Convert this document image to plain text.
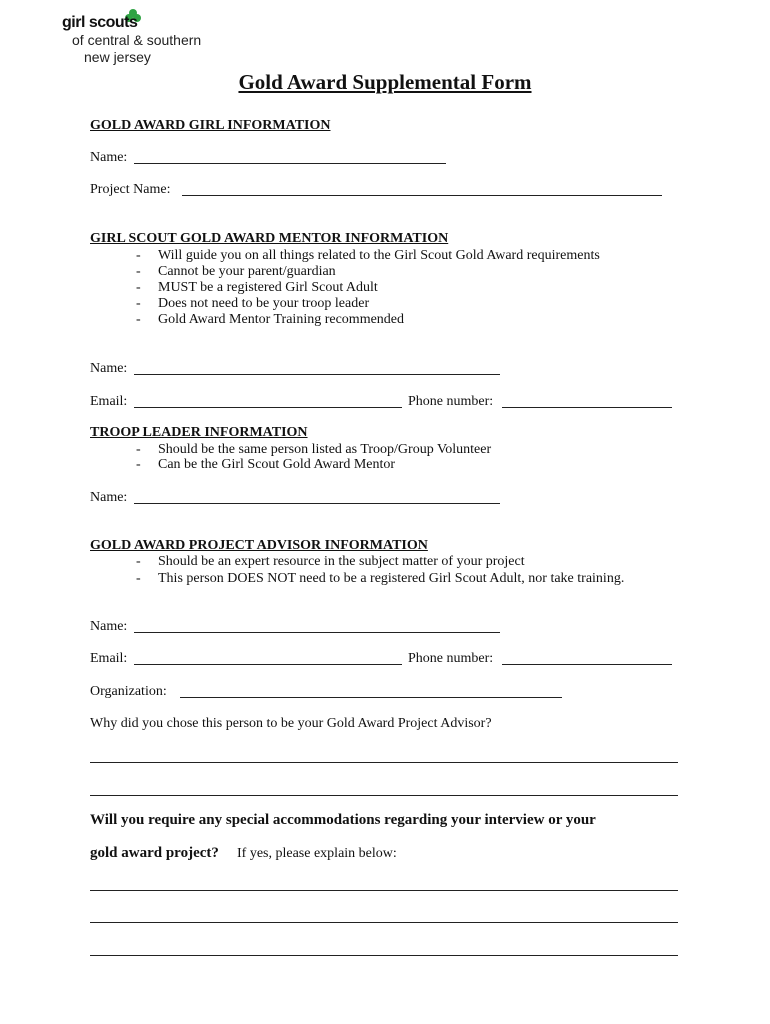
girl scouts
of central & southern
new jersey
Gold Award Supplemental Form
GOLD AWARD GIRL INFORMATION
Name:
Project Name:
GIRL SCOUT GOLD AWARD MENTOR INFORMATION
- Will guide you on all things related to the Girl Scout Gold Award requirements
- Cannot be your parent/guardian
- MUST be a registered Girl Scout Adult
- Does not need to be your troop leader
- Gold Award Mentor Training recommended
Name:
Email:	Phone number:
TROOP LEADER INFORMATION
- Should be the same person listed as Troop/Group Volunteer
- Can be the Girl Scout Gold Award Mentor
Name:
GOLD AWARD PROJECT ADVISOR INFORMATION
- Should be an expert resource in the subject matter of your project
- This person DOES NOT need to be a registered Girl Scout Adult, nor take training.
Name:
Email:	Phone number:
Organization:
Why did you chose this person to be your Gold Award Project Advisor?
Will you require any special accommodations regarding your interview or your
gold award project? If yes, please explain below:
